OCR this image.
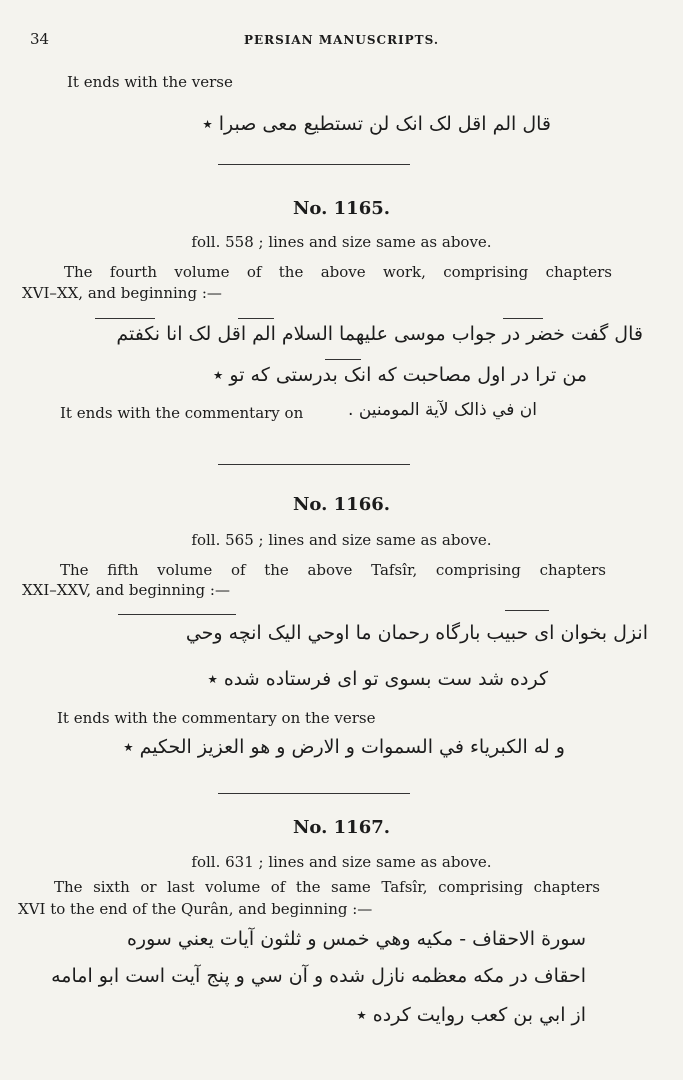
34	PERSIAN MANUSCRIPTS.
It ends with the verse
قال الم اقل لک انک لن تستطیع معی صبرا ٭
No. 1165.
foll. 558 ; lines and size same as above.
The fourth volume of the above work, comprising chapters
XVI–XX, and beginning :—
قال گفت خضر در جواب موسی علیهما السلام الم اقل لک انا نکفتم
من ترا در اول مصاحبت که انک بدرستی که تو ٭
It ends with the commentary on	ان في ذالک لآية المومنين .
No. 1166.
foll. 565 ; lines and size same as above.
The fifth volume of the above Tafsîr, comprising chapters
XXI–XXV, and beginning :—
انزل بخوان ای حبیب بارگاه رحمان ما اوحي اليک انچه وحي
کرده شد ست بسوی تو ای فرستاده شده ٭
It ends with the commentary on the verse
و له الكبرياء في السموات و الارض و هو العزيز الحکيم ٭
No. 1167.
foll. 631 ; lines and size same as above.
The sixth or last volume of the same Tafsîr, comprising chapters
XVI to the end of the Qurân, and beginning :—
سورة الاحقاف - مکيه وهي خمس و ثلثون آيات يعني سوره
احقاف در مکه معظمه نازل شده و آن سي و پنج آيت است ابو امامه
از ابي بن کعب روايت کرده ٭
